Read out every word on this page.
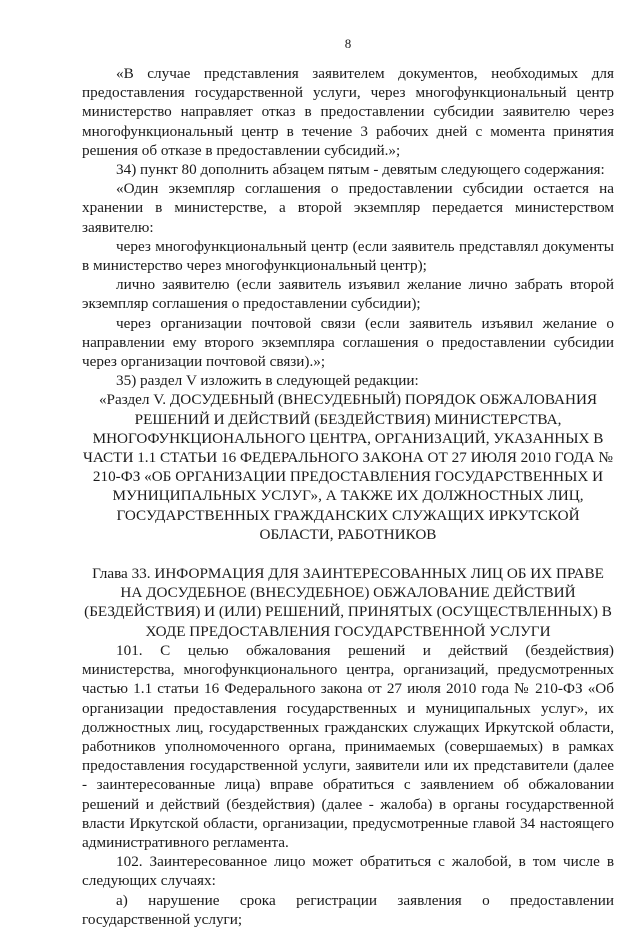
8

«В случае представления заявителем документов, необходимых для предоставления государственной услуги, через многофункциональный центр министерство направляет отказ в предоставлении субсидии заявителю через многофункциональный центр в течение 3 рабочих дней с момента принятия решения об отказе в предоставлении субсидий.»;

34) пункт 80 дополнить абзацем пятым - девятым следующего содержания:

«Один экземпляр соглашения о предоставлении субсидии остается на хранении в министерстве, а второй экземпляр передается министерством заявителю:

через многофункциональный центр (если заявитель представлял документы в министерство через многофункциональный центр);

лично заявителю (если заявитель изъявил желание лично забрать второй экземпляр соглашения о предоставлении субсидии);

через организации почтовой связи (если заявитель изъявил желание о направлении ему второго экземпляра соглашения о предоставлении субсидии через организации почтовой связи).»;

35) раздел V изложить в следующей редакции:

«Раздел V. ДОСУДЕБНЫЙ (ВНЕСУДЕБНЫЙ) ПОРЯДОК ОБЖАЛОВАНИЯ РЕШЕНИЙ И ДЕЙСТВИЙ (БЕЗДЕЙСТВИЯ) МИНИСТЕРСТВА, МНОГОФУНКЦИОНАЛЬНОГО ЦЕНТРА, ОРГАНИЗАЦИЙ, УКАЗАННЫХ В ЧАСТИ 1.1 СТАТЬИ 16 ФЕДЕРАЛЬНОГО ЗАКОНА ОТ 27 ИЮЛЯ 2010 ГОДА № 210-ФЗ «ОБ ОРГАНИЗАЦИИ ПРЕДОСТАВЛЕНИЯ ГОСУДАРСТВЕННЫХ И МУНИЦИПАЛЬНЫХ УСЛУГ», А ТАКЖЕ ИХ ДОЛЖНОСТНЫХ ЛИЦ, ГОСУДАРСТВЕННЫХ ГРАЖДАНСКИХ СЛУЖАЩИХ ИРКУТСКОЙ ОБЛАСТИ, РАБОТНИКОВ
Глава 33. ИНФОРМАЦИЯ ДЛЯ ЗАИНТЕРЕСОВАННЫХ ЛИЦ ОБ ИХ ПРАВЕ НА ДОСУДЕБНОЕ (ВНЕСУДЕБНОЕ) ОБЖАЛОВАНИЕ ДЕЙСТВИЙ (БЕЗДЕЙСТВИЯ) И (ИЛИ) РЕШЕНИЙ, ПРИНЯТЫХ (ОСУЩЕСТВЛЕННЫХ) В ХОДЕ ПРЕДОСТАВЛЕНИЯ ГОСУДАРСТВЕННОЙ УСЛУГИ

101. С целью обжалования решений и действий (бездействия) министерства, многофункционального центра, организаций, предусмотренных частью 1.1 статьи 16 Федерального закона от 27 июля 2010 года № 210-ФЗ «Об организации предоставления государственных и муниципальных услуг», их должностных лиц, государственных гражданских служащих Иркутской области, работников уполномоченного органа, принимаемых (совершаемых) в рамках предоставления государственной услуги, заявители или их представители (далее - заинтересованные лица) вправе обратиться с заявлением об обжаловании решений и действий (бездействия) (далее - жалоба) в органы государственной власти Иркутской области, организации, предусмотренные главой 34 настоящего административного регламента.

102. Заинтересованное лицо может обратиться с жалобой, в том числе в следующих случаях:

а) нарушение срока регистрации заявления о предоставлении государственной услуги;
